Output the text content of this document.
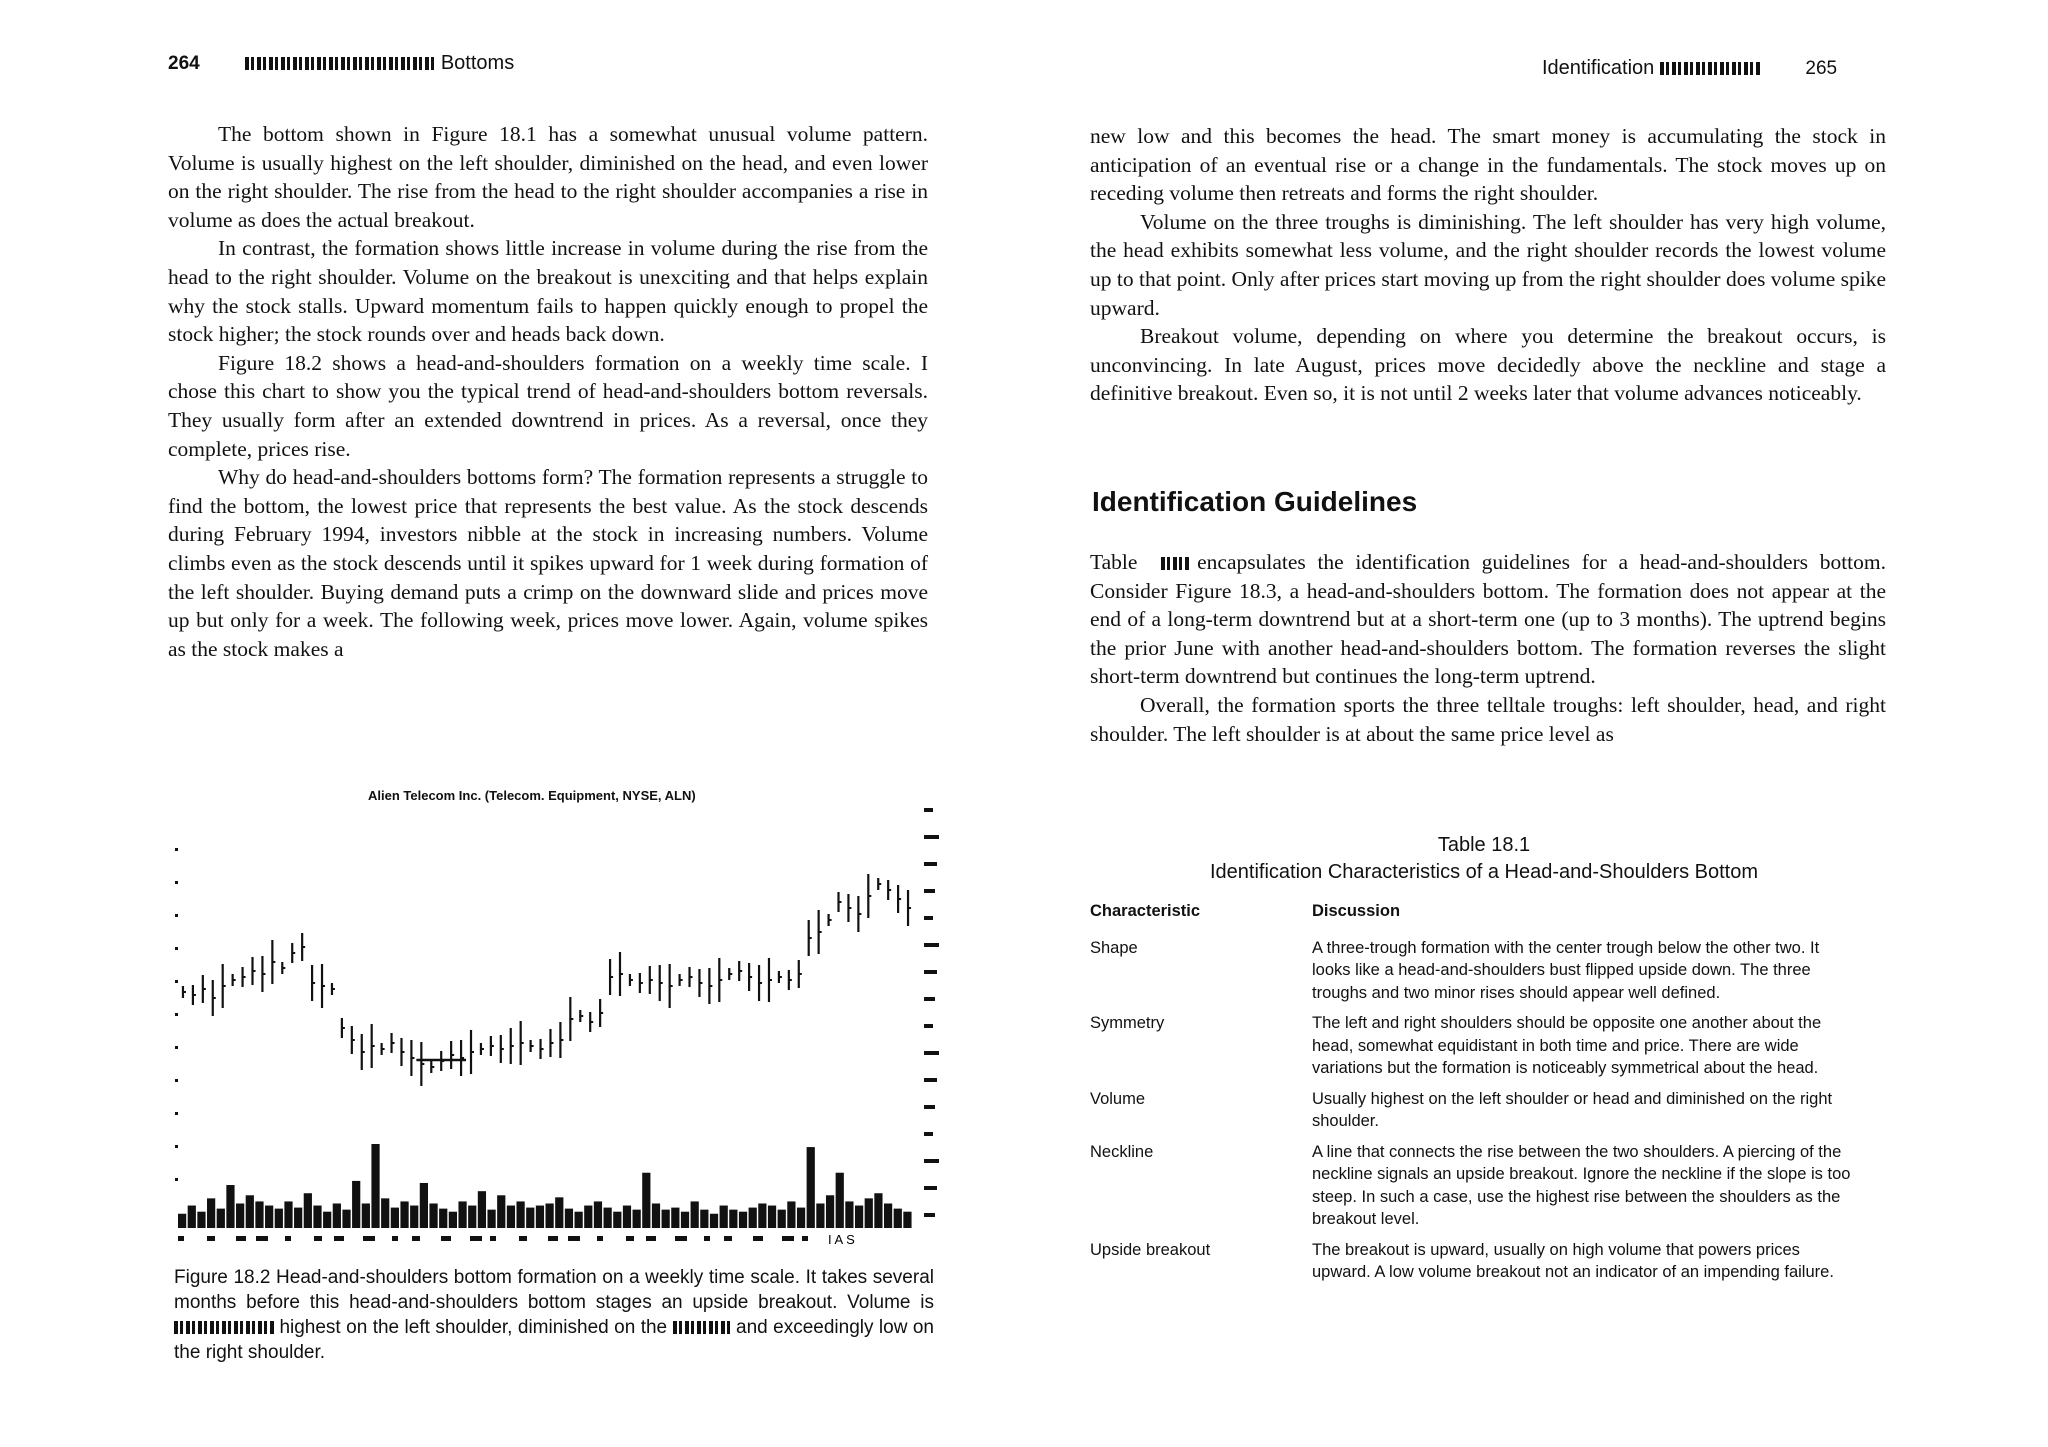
264	Bottoms

The bottom shown in Figure 18.1 has a somewhat unusual volume pattern. Volume is usually highest on the left shoulder, diminished on the head, and even lower on the right shoulder. The rise from the head to the right shoulder accompanies a rise in volume as does the actual breakout.

In contrast, the formation shows little increase in volume during the rise from the head to the right shoulder. Volume on the breakout is unexciting and that helps explain why the stock stalls. Upward momentum fails to happen quickly enough to propel the stock higher; the stock rounds over and heads back down.

Figure 18.2 shows a head-and-shoulders formation on a weekly time scale. I chose this chart to show you the typical trend of head-and-shoulders bottom reversals. They usually form after an extended downtrend in prices. As a reversal, once they complete, prices rise.

Why do head-and-shoulders bottoms form? The formation represents a struggle to find the bottom, the lowest price that represents the best value. As the stock descends during February 1994, investors nibble at the stock in increasing numbers. Volume climbs even as the stock descends until it spikes upward for 1 week during formation of the left shoulder. Buying demand puts a crimp on the downward slide and prices move up but only for a week. The following week, prices move lower. Again, volume spikes as the stock makes a

Alien Telecom Inc. (Telecom. Equipment, NYSE, ALN)
I A S
Figure 18.2 Head-and-shoulders bottom formation on a weekly time scale. It takes several months before this head-and-shoulders bottom stages an upside breakout. Volume is  highest on the left shoulder, diminished on the	and exceedingly low on the right shoulder.
Identification	265

new low and this becomes the head. The smart money is accumulating the stock in anticipation of an eventual rise or a change in the fundamentals. The stock moves up on receding volume then retreats and forms the right shoulder.

Volume on the three troughs is diminishing. The left shoulder has very high volume, the head exhibits somewhat less volume, and the right shoulder records the lowest volume up to that point. Only after prices start moving up from the right shoulder does volume spike upward.

Breakout volume, depending on where you determine the breakout occurs, is unconvincing. In late August, prices move decidedly above the neckline and stage a definitive breakout. Even so, it is not until 2 weeks later that volume advances noticeably.

Identification Guidelines

Table	encapsulates the identification guidelines for a head-and-shoulders bottom. Consider Figure 18.3, a head-and-shoulders bottom. The formation does not appear at the end of a long-term downtrend but at a short-term one (up to 3 months). The uptrend begins the prior June with another head-and-shoulders bottom. The formation reverses the slight short-term downtrend but continues the long-term uptrend.

Overall, the formation sports the three telltale troughs: left shoulder, head, and right shoulder. The left shoulder is at about the same price level as

Table 18.1
Identification Characteristics of a Head-and-Shoulders Bottom
Characteristic	Discussion
Shape	A three-trough formation with the center trough below the other two. It looks like a head-and-shoulders bust flipped upside down. The three troughs and two minor rises should appear well defined.
Symmetry	The left and right shoulders should be opposite one another about the head, somewhat equidistant in both time and price. There are wide variations but the formation is noticeably symmetrical about the head.
Volume	Usually highest on the left shoulder or head and diminished on the right shoulder.
Neckline	A line that connects the rise between the two shoulders. A piercing of the neckline signals an upside breakout. Ignore the neckline if the slope is too steep. In such a case, use the highest rise between the shoulders as the breakout level.
Upside breakout	The breakout is upward, usually on high volume that powers prices upward. A low volume breakout not an indicator of an impending failure.
